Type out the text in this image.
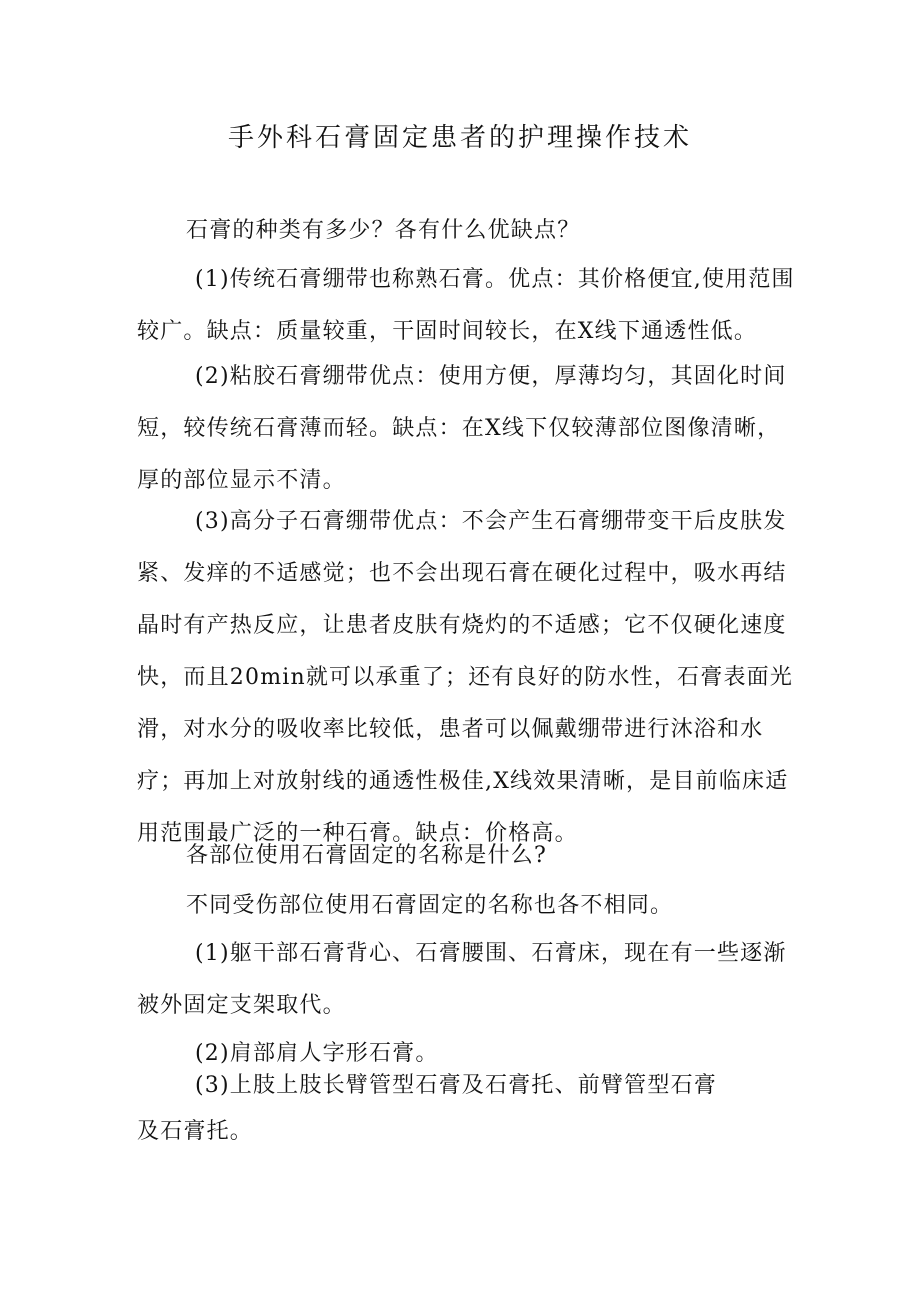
手外科石膏固定患者的护理操作技术

石膏的种类有多少？各有什么优缺点？

(1)传统石膏绷带也称熟石膏。优点：其价格便宜,使用范围较广。缺点：质量较重，干固时间较长，在X线下通透性低。

(2)粘胶石膏绷带优点：使用方便，厚薄均匀，其固化时间短，较传统石膏薄而轻。缺点：在X线下仅较薄部位图像清晰，厚的部位显示不清。

(3)高分子石膏绷带优点：不会产生石膏绷带变干后皮肤发紧、发痒的不适感觉；也不会出现石膏在硬化过程中，吸水再结晶时有产热反应，让患者皮肤有烧灼的不适感；它不仅硬化速度快，而且20min就可以承重了；还有良好的防水性，石膏表面光滑，对水分的吸收率比较低，患者可以佩戴绷带进行沐浴和水疗；再加上对放射线的通透性极佳,X线效果清晰，是目前临床适用范围最广泛的一种石膏。缺点：价格高。

各部位使用石膏固定的名称是什么?

不同受伤部位使用石膏固定的名称也各不相同。

(1)躯干部石膏背心、石膏腰围、石膏床，现在有一些逐渐被外固定支架取代。

(2)肩部肩人字形石膏。

(3)上肢上肢长臂管型石膏及石膏托、前臂管型石膏及石膏托。
